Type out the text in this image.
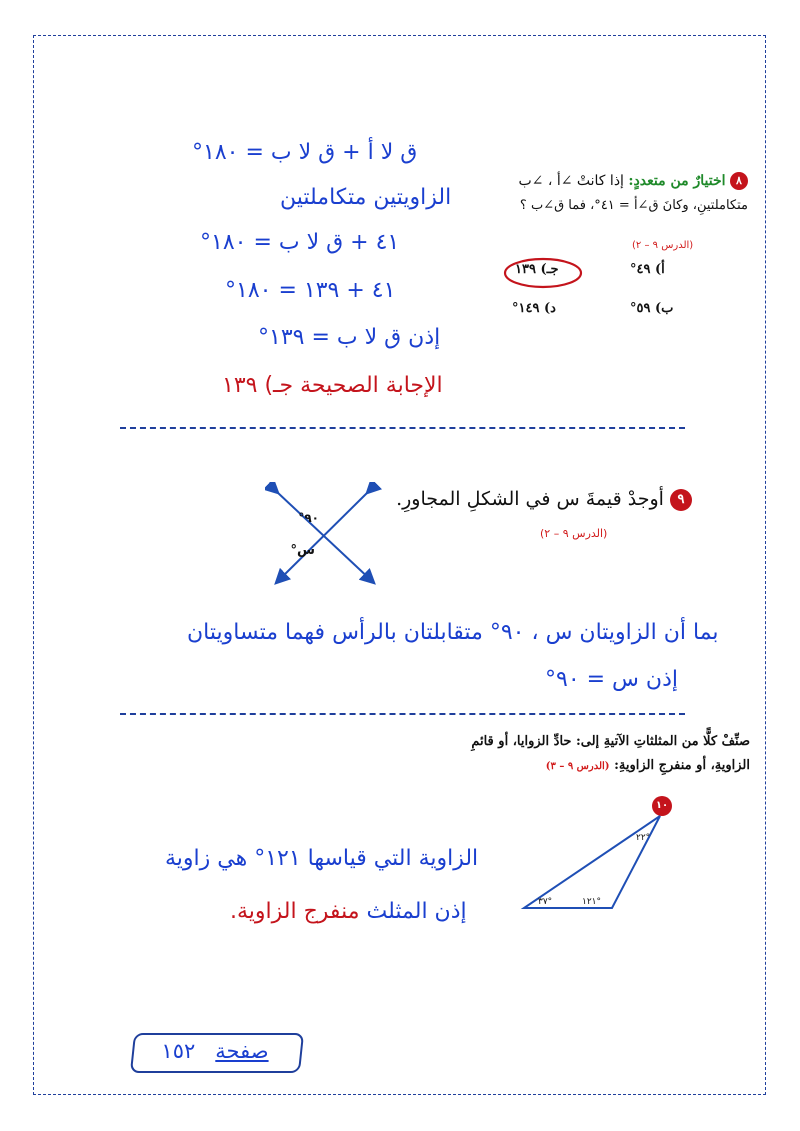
ق لا أ + ق لا ب = ١٨٠°
الزاويتين متكاملتين
٤١ + ق لا ب = ١٨٠°
٤١ + ١٣٩ = ١٨٠°
إذن ق لا ب = ١٣٩°
الإجابة الصحيحة جـ) ١٣٩
٨ اختيارٌ من متعددٍ: إذا كانتْ ∠أ ، ∠ب
متكاملتينِ، وكانَ ق∠أ = ٤١°، فما ق∠ب ؟
(الدرس ٩ – ٢)
أ) ٤٩°
جـ) ١٣٩
ب) ٥٩°
د) ١٤٩°
٩ أوجدْ قيمةَ س في الشكلِ المجاورِ.
(الدرس ٩ – ٢)
٩٠°
س°
بما أن الزاويتان س ، ٩٠° متقابلتان بالرأس فهما متساويتان
إذن س = ٩٠°
صنِّفْ كلًّا من المثلثاتِ الآتيةِ إلى: حادِّ الزوايا، أو قائمِ
الزاويةِ، أو منفرجِ الزاويةِ: (الدرس ٩ – ٣)
١٠
٢٢°
١٢١°
٣٧°
الزاوية التي قياسها ١٢١° هي زاوية
إذن المثلث منفرج الزاوية.
صفحة   ١٥٢
